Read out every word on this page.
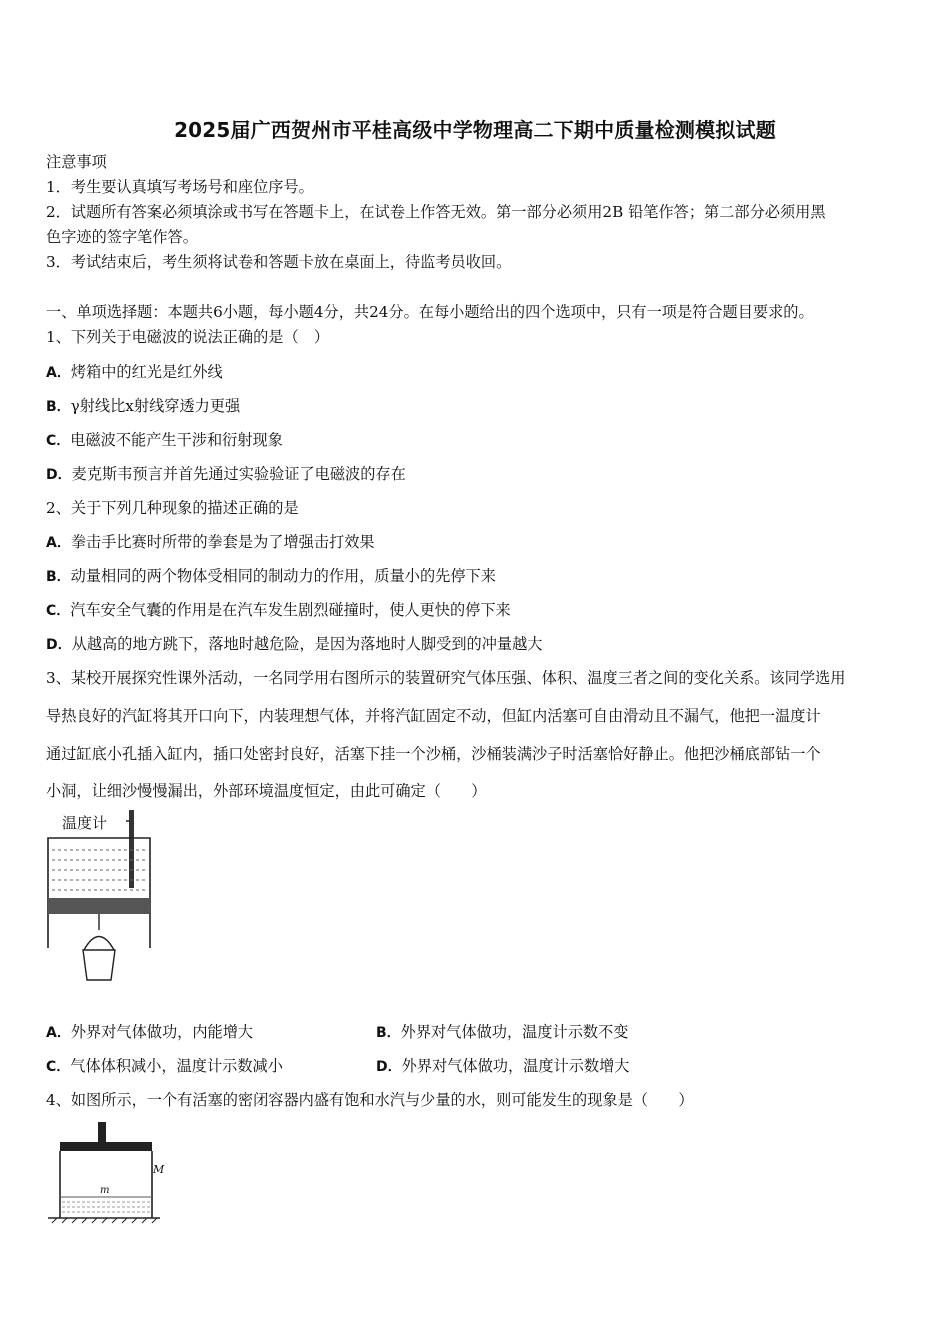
2025届广西贺州市平桂高级中学物理高二下期中质量检测模拟试题
注意事项
1．考生要认真填写考场号和座位序号。
2．试题所有答案必须填涂或书写在答题卡上，在试卷上作答无效。第一部分必须用2B 铅笔作答；第二部分必须用黑
色字迹的签字笔作答。
3．考试结束后，考生须将试卷和答题卡放在桌面上，待监考员收回。
一、单项选择题：本题共6小题，每小题4分，共24分。在每小题给出的四个选项中，只有一项是符合题目要求的。
1、下列关于电磁波的说法正确的是（　）
A．烤箱中的红光是红外线
B．γ射线比x射线穿透力更强
C．电磁波不能产生干涉和衍射现象
D．麦克斯韦预言并首先通过实验验证了电磁波的存在
2、关于下列几种现象的描述正确的是
A．拳击手比赛时所带的拳套是为了增强击打效果
B．动量相同的两个物体受相同的制动力的作用，质量小的先停下来
C．汽车安全气囊的作用是在汽车发生剧烈碰撞时，使人更快的停下来
D．从越高的地方跳下，落地时越危险，是因为落地时人脚受到的冲量越大
3、某校开展探究性课外活动，一名同学用右图所示的装置研究气体压强、体积、温度三者之间的变化关系。该同学选用
导热良好的汽缸将其开口向下，内装理想气体，并将汽缸固定不动，但缸内活塞可自由滑动且不漏气，他把一温度计
通过缸底小孔插入缸内，插口处密封良好，活塞下挂一个沙桶，沙桶装满沙子时活塞恰好静止。他把沙桶底部钻一个
小洞，让细沙慢慢漏出，外部环境温度恒定，由此可确定（　　）
温度计
A．外界对气体做功，内能增大	B．外界对气体做功，温度计示数不变
C．气体体积减小，温度计示数减小	D．外界对气体做功，温度计示数增大
4、如图所示，一个有活塞的密闭容器内盛有饱和水汽与少量的水，则可能发生的现象是（　　）
M
m
